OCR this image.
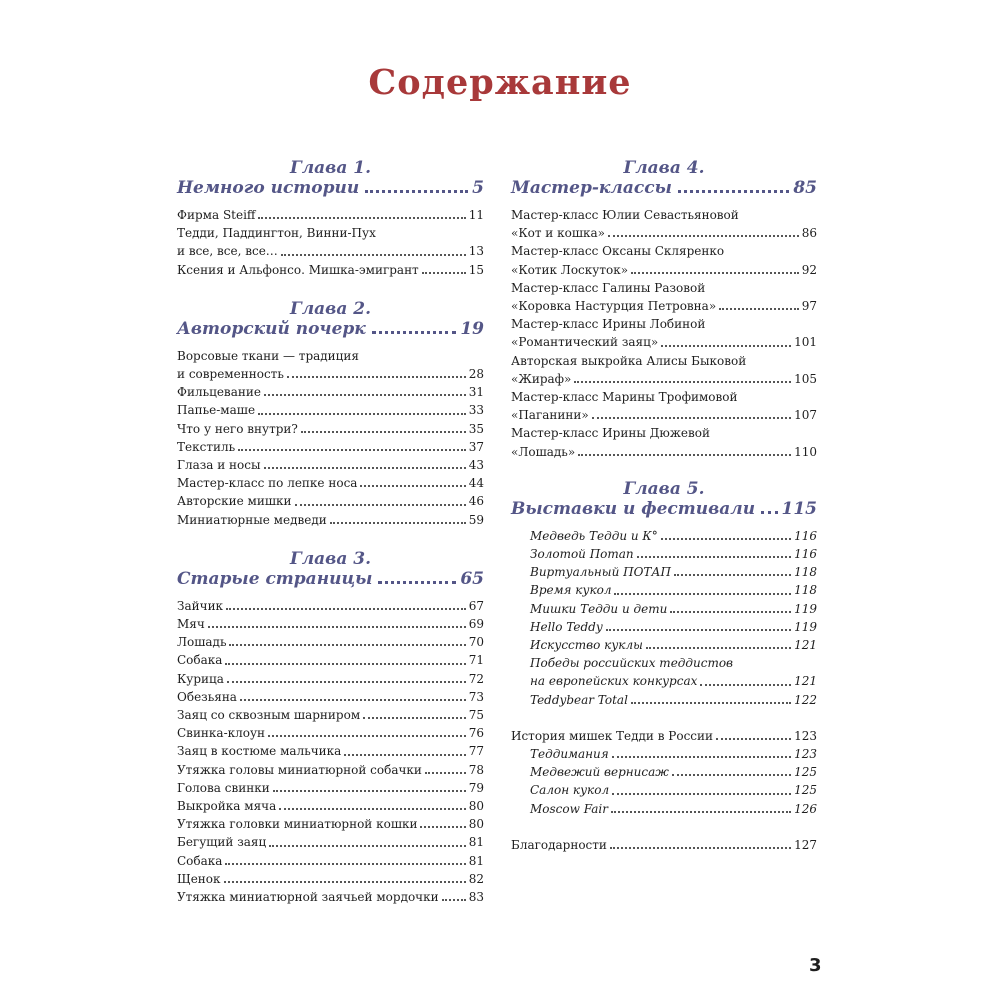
Содержание
Глава 1.
Немного истории	5
Фирма Steiff	11
Тедди, Паддингтон, Винни-Пух
и все, все, все…	13
Ксения и Альфонсо. Мишка-эмигрант	15
Глава 2.
Авторский почерк	19
Ворсовые ткани — традиция
и современность	28
Фильцевание	31
Папье-маше	33
Что у него внутри?	35
Текстиль	37
Глаза и носы	43
Мастер-класс по лепке носа	44
Авторские мишки	46
Миниатюрные медведи	59
Глава 3.
Старые страницы	65
Зайчик	67
Мяч	69
Лошадь	70
Собака	71
Курица	72
Обезьяна	73
Заяц со сквозным шарниром	75
Свинка-клоун	76
Заяц в костюме мальчика	77
Утяжка головы миниатюрной собачки	78
Голова свинки	79
Выкройка мяча	80
Утяжка головки миниатюрной кошки	80
Бегущий заяц	81
Собака	81
Щенок	82
Утяжка миниатюрной заячьей мордочки	83
Глава 4.
Мастер-классы	85
Мастер-класс Юлии Севастьяновой
«Кот и кошка»	86
Мастер-класс Оксаны Скляренко
«Котик Лоскуток»	92
Мастер-класс Галины Разовой
«Коровка Настурция Петровна»	97
Мастер-класс Ирины Лобиной
«Романтический заяц»	101
Авторская выкройка Алисы Быковой
«Жираф»	105
Мастер-класс Марины Трофимовой
«Паганини»	107
Мастер-класс Ирины Дюжевой
«Лошадь»	110
Глава 5.
Выставки и фестивали 115
Медведь Тедди и К°	116
Золотой Потап	116
Виртуальный ПОТАП	118
Время кукол	118
Мишки Тедди и дети	119
Hello Teddy	119
Искусство куклы	121
Победы российских теддистов
на европейских конкурсах	121
Teddybear Total	122
История мишек Тедди в России	123
Теддимания	123
Медвежий вернисаж	125
Салон кукол	125
Moscow Fair	126
Благодарности	127
3
